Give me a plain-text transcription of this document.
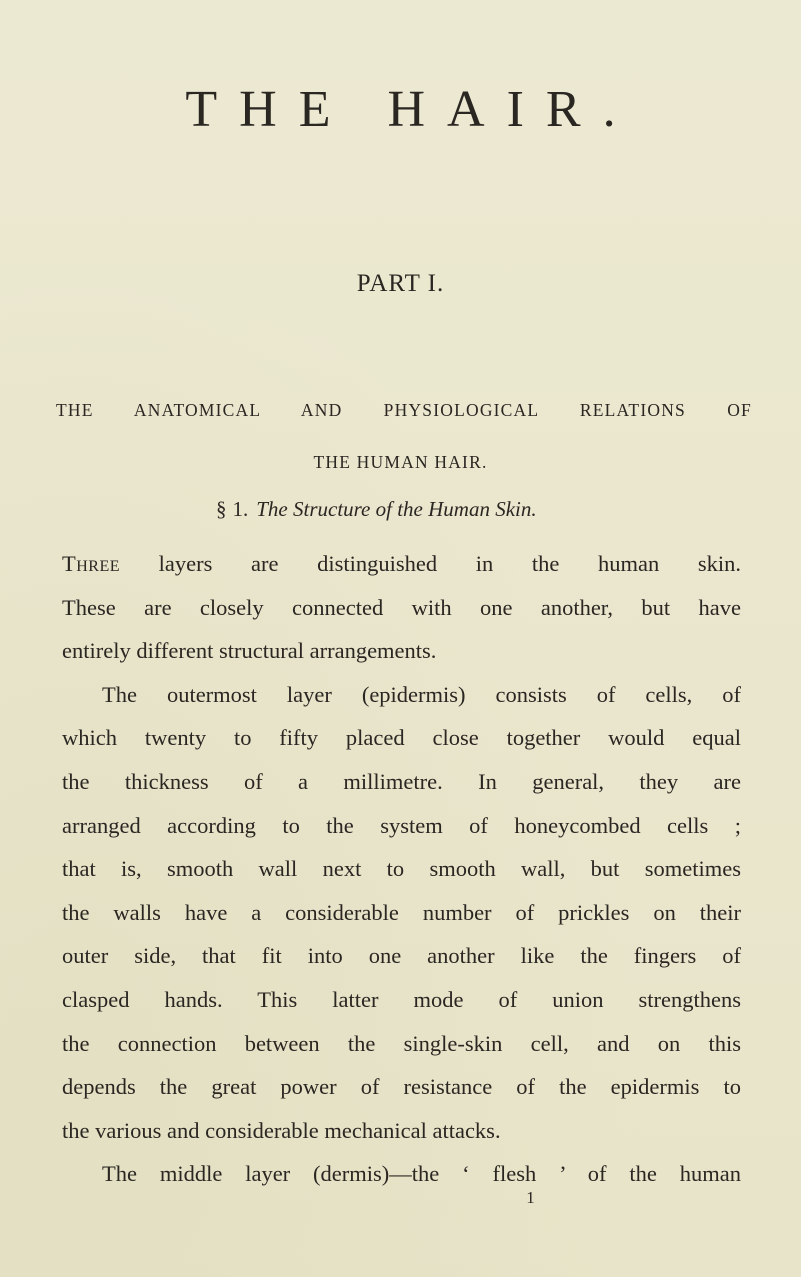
THE HAIR.
PART I.
THE ANATOMICAL AND PHYSIOLOGICAL RELATIONS OF
THE HUMAN HAIR.
§ 1. The Structure of the Human Skin.
Three layers are distinguished in the human skin.
These are closely connected with one another, but have
entirely different structural arrangements.
The outermost layer (epidermis) consists of cells, of
which twenty to fifty placed close together would equal
the thickness of a millimetre. In general, they are
arranged according to the system of honeycombed cells ;
that is, smooth wall next to smooth wall, but sometimes
the walls have a considerable number of prickles on their
outer side, that fit into one another like the fingers of
clasped hands. This latter mode of union strengthens
the connection between the single-skin cell, and on this
depends the great power of resistance of the epidermis to
the various and considerable mechanical attacks.
The middle layer (dermis)—the ‘ flesh ’ of the human
1
